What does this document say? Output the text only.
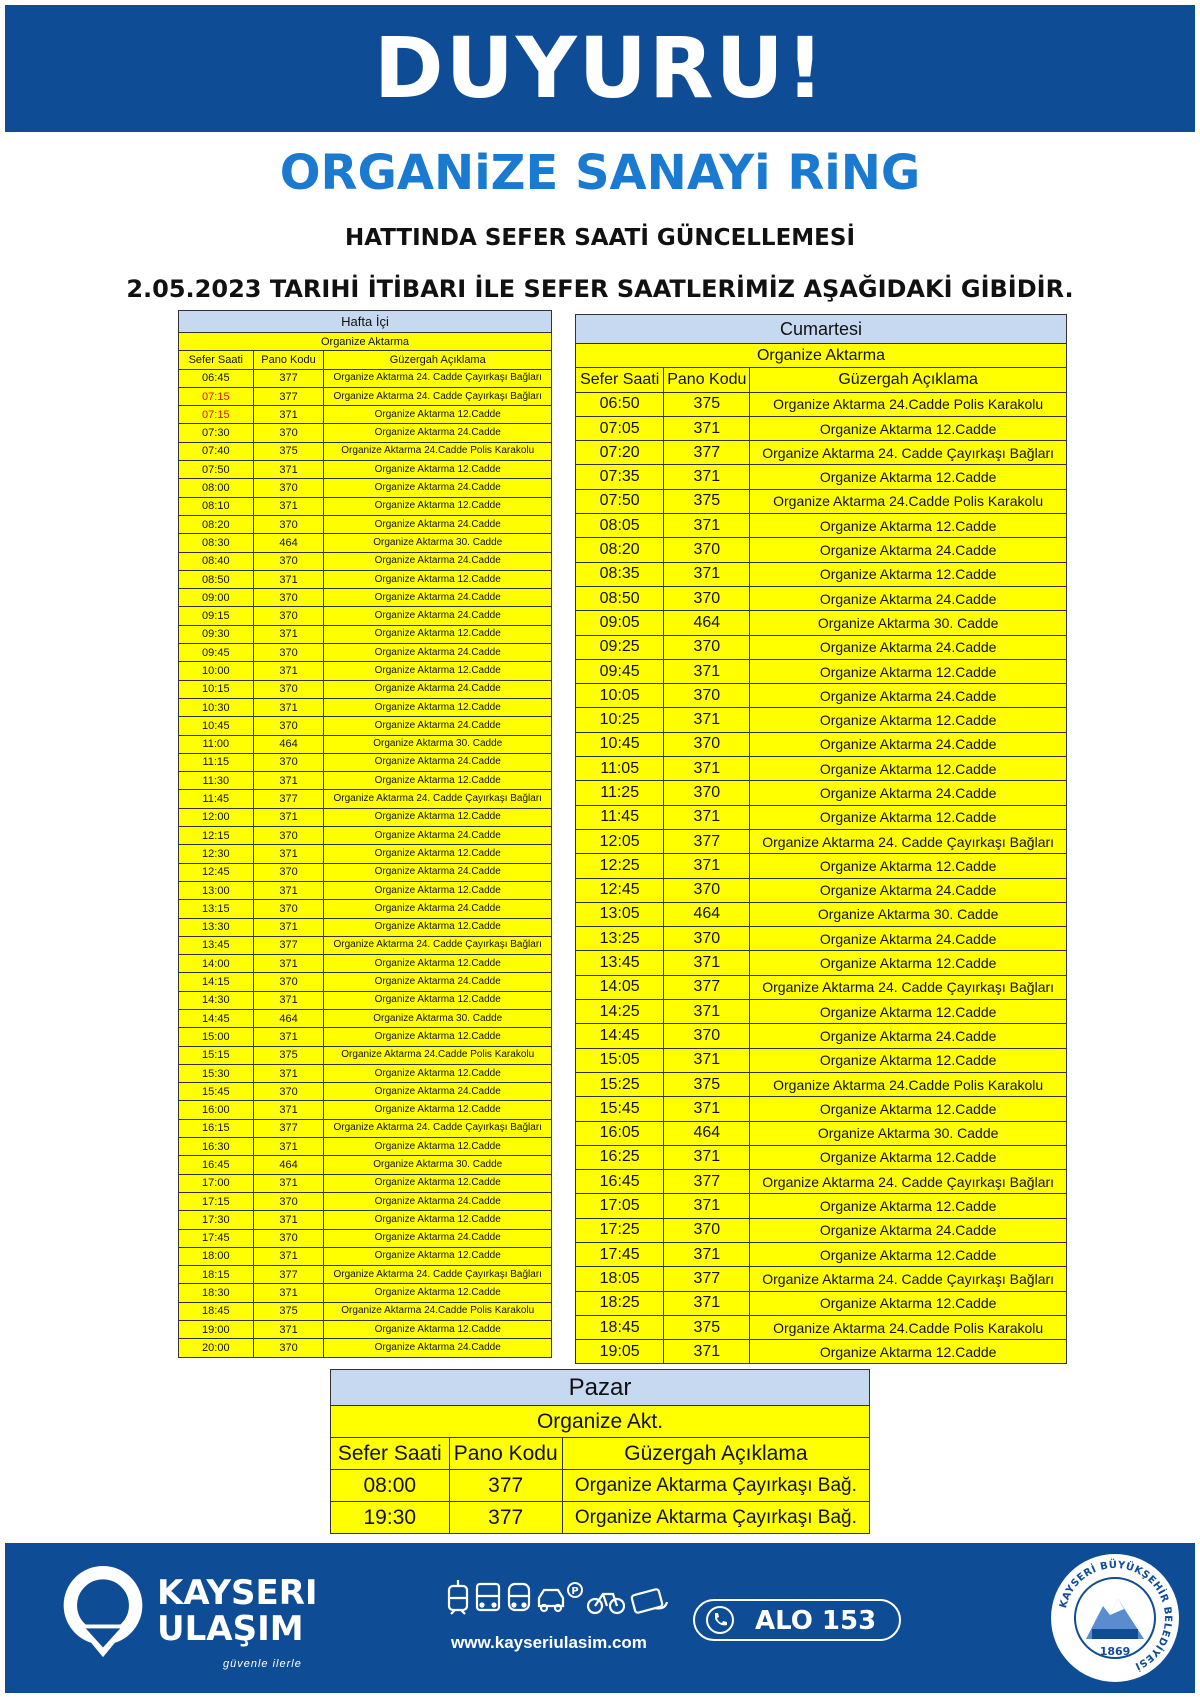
DUYURU!
ORGANiZE SANAYi RiNG
HATTINDA SEFER SAATİ GÜNCELLEMESİ
2.05.2023 TARIHİ İTİBARI İLE SEFER SAATLERİMİZ AŞAĞIDAKİ GİBİDİR.
Hafta İçi		
Organize Aktarma		
Sefer Saati	Pano Kodu	Güzergah Açıklama
06:45	377	Organize Aktarma 24. Cadde Çayırkaşı Bağları
07:15	377	Organize Aktarma 24. Cadde Çayırkaşı Bağları
07:15	371	Organize Aktarma 12.Cadde
07:30	370	Organize Aktarma 24.Cadde
07:40	375	Organize Aktarma 24.Cadde Polis Karakolu
07:50	371	Organize Aktarma 12.Cadde
08:00	370	Organize Aktarma 24.Cadde
08:10	371	Organize Aktarma 12.Cadde
08:20	370	Organize Aktarma 24.Cadde
08:30	464	Organize Aktarma 30. Cadde
08:40	370	Organize Aktarma 24.Cadde
08:50	371	Organize Aktarma 12.Cadde
09:00	370	Organize Aktarma 24.Cadde
09:15	370	Organize Aktarma 24.Cadde
09:30	371	Organize Aktarma 12.Cadde
09:45	370	Organize Aktarma 24.Cadde
10:00	371	Organize Aktarma 12.Cadde
10:15	370	Organize Aktarma 24.Cadde
10:30	371	Organize Aktarma 12.Cadde
10:45	370	Organize Aktarma 24.Cadde
11:00	464	Organize Aktarma 30. Cadde
11:15	370	Organize Aktarma 24.Cadde
11:30	371	Organize Aktarma 12.Cadde
11:45	377	Organize Aktarma 24. Cadde Çayırkaşı Bağları
12:00	371	Organize Aktarma 12.Cadde
12:15	370	Organize Aktarma 24.Cadde
12:30	371	Organize Aktarma 12.Cadde
12:45	370	Organize Aktarma 24.Cadde
13:00	371	Organize Aktarma 12.Cadde
13:15	370	Organize Aktarma 24.Cadde
13:30	371	Organize Aktarma 12.Cadde
13:45	377	Organize Aktarma 24. Cadde Çayırkaşı Bağları
14:00	371	Organize Aktarma 12.Cadde
14:15	370	Organize Aktarma 24.Cadde
14:30	371	Organize Aktarma 12.Cadde
14:45	464	Organize Aktarma 30. Cadde
15:00	371	Organize Aktarma 12.Cadde
15:15	375	Organize Aktarma 24.Cadde Polis Karakolu
15:30	371	Organize Aktarma 12.Cadde
15:45	370	Organize Aktarma 24.Cadde
16:00	371	Organize Aktarma 12.Cadde
16:15	377	Organize Aktarma 24. Cadde Çayırkaşı Bağları
16:30	371	Organize Aktarma 12.Cadde
16:45	464	Organize Aktarma 30. Cadde
17:00	371	Organize Aktarma 12.Cadde
17:15	370	Organize Aktarma 24.Cadde
17:30	371	Organize Aktarma 12.Cadde
17:45	370	Organize Aktarma 24.Cadde
18:00	371	Organize Aktarma 12.Cadde
18:15	377	Organize Aktarma 24. Cadde Çayırkaşı Bağları
18:30	371	Organize Aktarma 12.Cadde
18:45	375	Organize Aktarma 24.Cadde Polis Karakolu
19:00	371	Organize Aktarma 12.Cadde
20:00	370	Organize Aktarma 24.Cadde
Cumartesi		
Organize Aktarma		
Sefer Saati	Pano Kodu	Güzergah Açıklama
06:50	375	Organize Aktarma 24.Cadde Polis Karakolu
07:05	371	Organize Aktarma 12.Cadde
07:20	377	Organize Aktarma 24. Cadde Çayırkaşı Bağları
07:35	371	Organize Aktarma 12.Cadde
07:50	375	Organize Aktarma 24.Cadde Polis Karakolu
08:05	371	Organize Aktarma 12.Cadde
08:20	370	Organize Aktarma 24.Cadde
08:35	371	Organize Aktarma 12.Cadde
08:50	370	Organize Aktarma 24.Cadde
09:05	464	Organize Aktarma 30. Cadde
09:25	370	Organize Aktarma 24.Cadde
09:45	371	Organize Aktarma 12.Cadde
10:05	370	Organize Aktarma 24.Cadde
10:25	371	Organize Aktarma 12.Cadde
10:45	370	Organize Aktarma 24.Cadde
11:05	371	Organize Aktarma 12.Cadde
11:25	370	Organize Aktarma 24.Cadde
11:45	371	Organize Aktarma 12.Cadde
12:05	377	Organize Aktarma 24. Cadde Çayırkaşı Bağları
12:25	371	Organize Aktarma 12.Cadde
12:45	370	Organize Aktarma 24.Cadde
13:05	464	Organize Aktarma 30. Cadde
13:25	370	Organize Aktarma 24.Cadde
13:45	371	Organize Aktarma 12.Cadde
14:05	377	Organize Aktarma 24. Cadde Çayırkaşı Bağları
14:25	371	Organize Aktarma 12.Cadde
14:45	370	Organize Aktarma 24.Cadde
15:05	371	Organize Aktarma 12.Cadde
15:25	375	Organize Aktarma 24.Cadde Polis Karakolu
15:45	371	Organize Aktarma 12.Cadde
16:05	464	Organize Aktarma 30. Cadde
16:25	371	Organize Aktarma 12.Cadde
16:45	377	Organize Aktarma 24. Cadde Çayırkaşı Bağları
17:05	371	Organize Aktarma 12.Cadde
17:25	370	Organize Aktarma 24.Cadde
17:45	371	Organize Aktarma 12.Cadde
18:05	377	Organize Aktarma 24. Cadde Çayırkaşı Bağları
18:25	371	Organize Aktarma 12.Cadde
18:45	375	Organize Aktarma 24.Cadde Polis Karakolu
19:05	371	Organize Aktarma 12.Cadde
Pazar		
Organize Akt.		
Sefer Saati	Pano Kodu	Güzergah Açıklama
08:00	377	Organize Aktarma Çayırkaşı Bağ.
19:30	377	Organize Aktarma Çayırkaşı Bağ.
KAYSERI
ULAŞIM
güvenle ilerle
P
www.kayseriulasim.com
ALO 153
KAYSERİ BÜYÜKŞEHİR BELEDİYESİ
1869
